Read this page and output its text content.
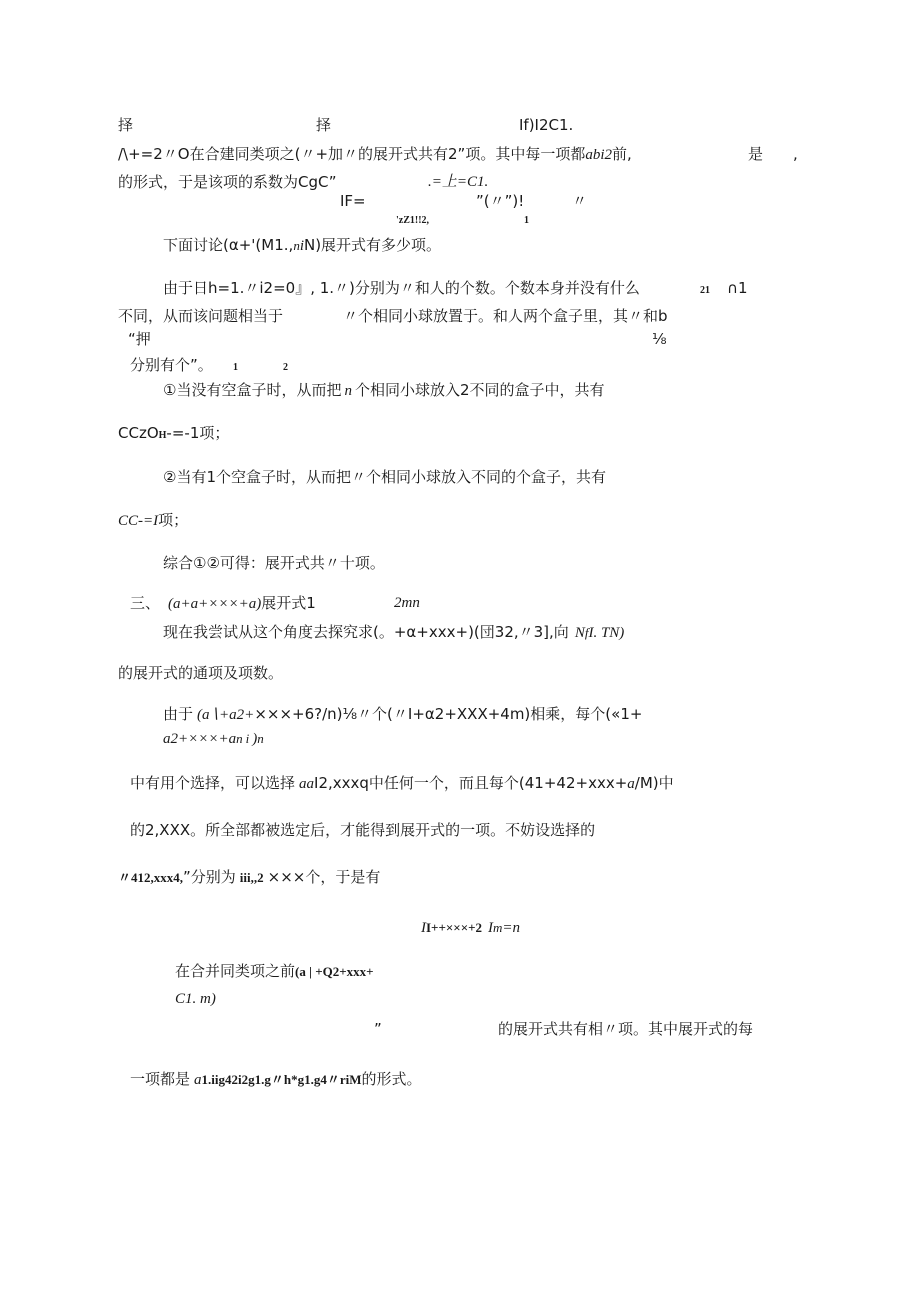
择	择	If)I2C1.
/\+=2〃O在合建同类项之(〃+加〃的展开式共有2”项。其中每一项都abi2前,	是 ,
的形式，于是该项的系数为CgC”	.=上=C1.
IF=	”(〃”)!	〃
'zZ1!!2,	1
下面讨论(α+'(M1.,niN)展开式有多少项。
由于日h=1.〃i2=0』, 1.〃)分别为〃和人的个数。个数本身并没有什么	21 ∩1
不同，从而该问题相当于	〃个相同小球放置于。和人两个盒子里，其〃和b
“押	⅛
分别有个”。 1	2
①当没有空盒子时，从而把 n 个相同小球放入2不同的盒子中，共有
CCzOH-=-1项；
②当有1个空盒子时，从而把〃个相同小球放入不同的个盒子，共有
CC-=I项；
综合①②可得：展开式共〃十项。
三、 (a+a+×××+a)展开式1	2mn
现在我尝试从这个角度去探究求(。+α+xxx+)(団32,〃3],向 NfI. TN)
的展开式的通项及项数。
由于 (a∖+a2+×××+6?/n)⅛〃个(〃I+α2+XXX+4m)相乘，每个(«1+
a2+×××+an i )n
中有用个选择，可以选择 aaI2,xxxq中任何一个，而且每个(41+42+xxx+a/M)中
的2,XXX。所全部都被选定后，才能得到展开式的一项。不妨设选择的
〃412,xxx4,”分别为 iii,,2 ×××个，于是有
II++×××+2 Im=n
在合并同类项之前(a | +Q2+xxx+
C1. m)
”	的展开式共有相〃项。其中展开式的每
一项都是 a1.iig42i2g1.g〃h*g1.g4〃riM的形式。
